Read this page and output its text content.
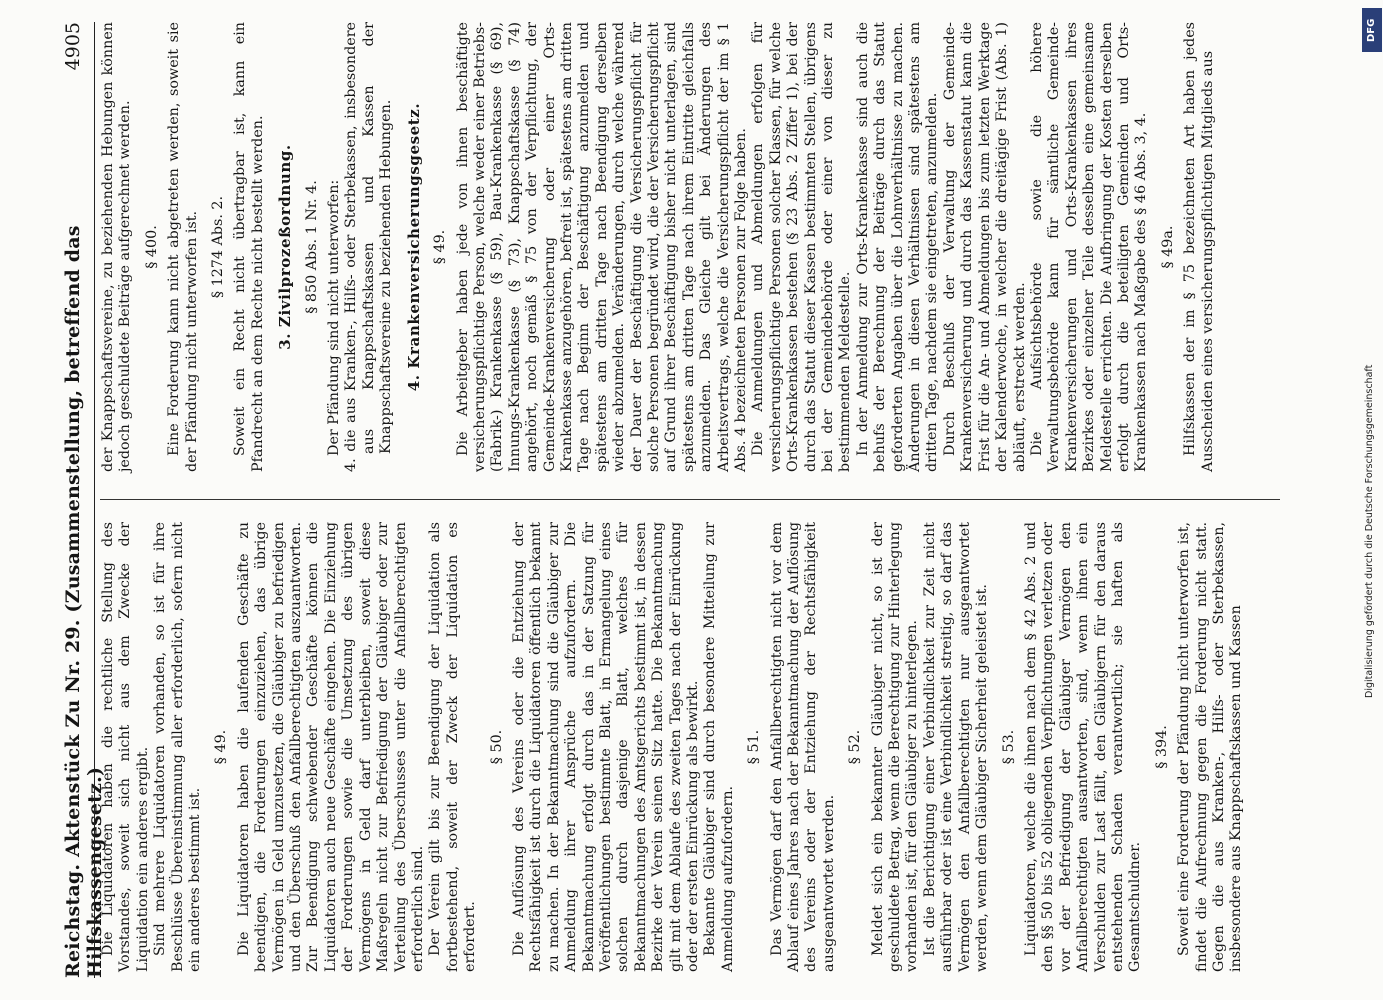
Reichstag. Aktenstück Zu Nr. 29. (Zusammenstellung, betreffend das Hilfskassengesetz.)
4905

Die Liquidatoren haben die rechtliche Stellung des Vorstandes, soweit sich nicht aus dem Zwecke der Liquidation ein anderes ergibt. Sind mehrere Liquidatoren vorhanden, so ist für ihre Beschlüsse Übereinstimmung aller erforderlich, sofern nicht ein anderes bestimmt ist.

§ 49. Die Liquidatoren haben die laufenden Geschäfte zu beendigen, die Forderungen einzuziehen, das übrige Vermögen in Geld umzusetzen, die Gläubiger zu befriedigen und den Überschuß den Anfallberechtigten auszuantworten. Zur Beendigung schwebender Geschäfte können die Liquidatoren auch neue Geschäfte eingehen. Die Einziehung der Forderungen sowie die Umsetzung des übrigen Vermögens in Geld darf unterbleiben, soweit diese Maßregeln nicht zur Befriedigung der Gläubiger oder zur Verteilung des Überschusses unter die Anfallberechtigten erforderlich sind. Der Verein gilt bis zur Beendigung der Liquidation als fortbestehend, soweit der Zweck der Liquidation es erfordert.

§ 50. Die Auflösung des Vereins oder die Entziehung der Rechtsfähigkeit ist durch die Liquidatoren öffentlich bekannt zu machen. In der Bekanntmachung sind die Gläubiger zur Anmeldung ihrer Ansprüche aufzufordern. Die Bekanntmachung erfolgt durch das in der Satzung für Veröffentlichungen bestimmte Blatt, in Ermangelung eines solchen durch dasjenige Blatt, welches für Bekanntmachungen des Amtsgerichts bestimmt ist, in dessen Bezirke der Verein seinen Sitz hatte. Die Bekanntmachung gilt mit dem Ablaufe des zweiten Tages nach der Einrückung oder der ersten Einrückung als bewirkt. Bekannte Gläubiger sind durch besondere Mitteilung zur Anmeldung aufzufordern.

§ 51. Das Vermögen darf den Anfallberechtigten nicht vor dem Ablauf eines Jahres nach der Bekanntmachung der Auflösung des Vereins oder der Entziehung der Rechtsfähigkeit ausgeantwortet werden.

§ 52. Meldet sich ein bekannter Gläubiger nicht, so ist der geschuldete Betrag, wenn die Berechtigung zur Hinterlegung vorhanden ist, für den Gläubiger zu hinterlegen. Ist die Berichtigung einer Verbindlichkeit zur Zeit nicht ausführbar oder ist eine Verbindlichkeit streitig, so darf das Vermögen den Anfallberechtigten nur ausgeantwortet werden, wenn dem Gläubiger Sicherheit geleistet ist. § 53. Liquidatoren, welche die ihnen nach dem § 42 Abs. 2 und den §§ 50 bis 52 obliegenden Verpflichtungen verletzen oder vor der Befriedigung der Gläubiger Vermögen den Anfallberechtigten ausantworten, sind, wenn ihnen ein Verschulden zur Last fällt, den Gläubigern für den daraus entstehenden Schaden verantwortlich; sie haften als Gesamtschuldner.

§ 394. Soweit eine Forderung der Pfändung nicht unterworfen ist, findet die Aufrechnung gegen die Forderung nicht statt. Gegen die aus Kranken-, Hilfs- oder Sterbekassen, insbesondere aus Knappschaftskassen und Kassen

der Knappschaftsvereine, zu beziehenden Hebungen können jedoch geschuldete Beiträge aufgerechnet werden. § 400. Eine Forderung kann nicht abgetreten werden, soweit sie der Pfändung nicht unterworfen ist. § 1274 Abs. 2. Soweit ein Recht nicht übertragbar ist, kann ein Pfandrecht an dem Rechte nicht bestellt werden. 3. Zivilprozeßordnung. § 850 Abs. 1 Nr. 4. Der Pfändung sind nicht unterworfen: 4. die aus Kranken-, Hilfs- oder Sterbekassen, insbesondere aus Knappschaftskassen und Kassen der Knappschaftsvereine zu beziehenden Hebungen. 4. Krankenversicherungsgesetz. § 49. Die Arbeitgeber haben jede von ihnen beschäftigte versicherungspflichtige Person, welche weder einer Betriebs- (Fabrik-) Krankenkasse (§ 59), Bau-Krankenkasse (§ 69), Innungs-Krankenkasse (§ 73), Knappschaftskasse (§ 74) angehört, noch gemäß § 75 von der Verpflichtung, der Gemeinde-Krankenversicherung oder einer Orts-Krankenkasse anzugehören, befreit ist, spätestens am dritten Tage nach Beginn der Beschäftigung anzumelden und spätestens am dritten Tage nach Beendigung derselben wieder abzumelden. Veränderungen, durch welche während der Dauer der Beschäftigung die Versicherungspflicht für solche Personen begründet wird, die der Versicherungspflicht auf Grund ihrer Beschäftigung bisher nicht unterlagen, sind spätestens am dritten Tage nach ihrem Eintritte gleichfalls anzumelden. Das Gleiche gilt bei Änderungen des Arbeitsvertrags, welche die Versicherungspflicht der im § 1 Abs. 4 bezeichneten Personen zur Folge haben. Die Anmeldungen und Abmeldungen erfolgen für versicherungspflichtige Personen solcher Klassen, für welche Orts-Krankenkassen bestehen (§ 23 Abs. 2 Ziffer 1), bei der durch das Statut dieser Kassen bestimmten Stellen, übrigens bei der Gemeindebehörde oder einer von dieser zu bestimmenden Meldestelle. In der Anmeldung zur Orts-Krankenkasse sind auch die behufs der Berechnung der Beiträge durch das Statut geforderten Angaben über die Lohnverhältnisse zu machen. Änderungen in diesen Verhältnissen sind spätestens am dritten Tage, nachdem sie eingetreten, anzumelden. Durch Beschluß der Verwaltung der Gemeinde-Krankenversicherung und durch das Kassenstatut kann die Frist für die An- und Abmeldungen bis zum letzten Werktage der Kalenderwoche, in welcher die dreitägige Frist (Abs. 1) abläuft, erstreckt werden. Die Aufsichtsbehörde sowie die höhere Verwaltungsbehörde kann für sämtliche Gemeinde-Krankenversicherungen und Orts-Krankenkassen ihres Bezirkes oder einzelner Teile desselben eine gemeinsame Meldestelle errichten. Die Aufbringung der Kosten derselben erfolgt durch die beteiligten Gemeinden und Orts-Krankenkassen nach Maßgabe des § 46 Abs. 3, 4. § 49a. Hilfskassen der im § 75 bezeichneten Art haben jedes Ausscheiden eines versicherungspflichtigen Mitglieds aus

DFG
Digitalisierung gefördert durch die Deutsche Forschungsgemeinschaft
